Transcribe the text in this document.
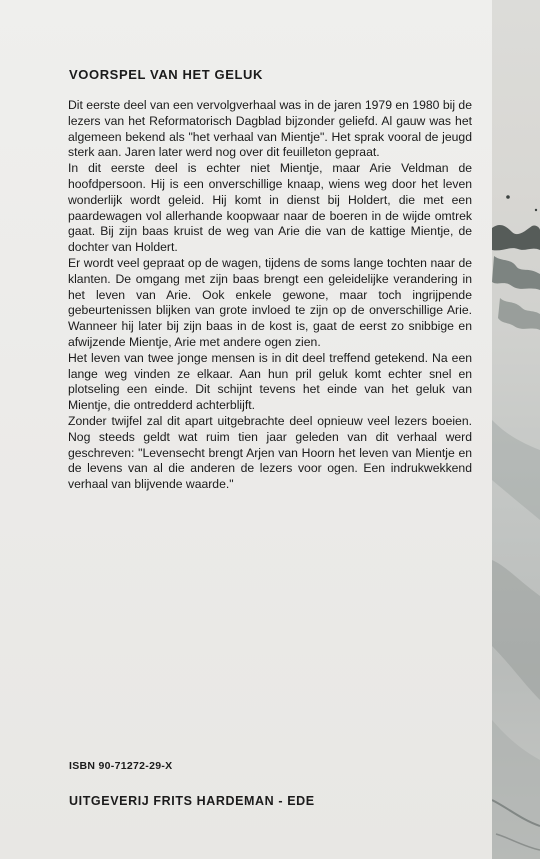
VOORSPEL VAN HET GELUK

Dit eerste deel van een vervolgverhaal was in de jaren 1979 en 1980 bij de lezers van het Reformatorisch Dagblad bijzonder geliefd. Al gauw was het algemeen bekend als "het verhaal van Mientje". Het sprak vooral de jeugd sterk aan. Jaren later werd nog over dit feuilleton gepraat.

In dit eerste deel is echter niet Mientje, maar Arie Veldman de hoofdpersoon. Hij is een onverschillige knaap, wiens weg door het leven wonderlijk wordt geleid. Hij komt in dienst bij Holdert, die met een paardewagen vol allerhande koopwaar naar de boeren in de wijde omtrek gaat. Bij zijn baas kruist de weg van Arie die van de kattige Mientje, de dochter van Holdert.

Er wordt veel gepraat op de wagen, tijdens de soms lange tochten naar de klanten. De omgang met zijn baas brengt een geleidelijke verandering in het leven van Arie. Ook enkele gewone, maar toch ingrijpende gebeurtenissen blijken van grote invloed te zijn op de onverschillige Arie. Wanneer hij later bij zijn baas in de kost is, gaat de eerst zo snibbige en afwijzende Mientje, Arie met andere ogen zien.

Het leven van twee jonge mensen is in dit deel treffend getekend. Na een lange weg vinden ze elkaar. Aan hun pril geluk komt echter snel en plotseling een einde. Dit schijnt tevens het einde van het geluk van Mientje, die ontredderd achterblijft.

Zonder twijfel zal dit apart uitgebrachte deel opnieuw veel lezers boeien. Nog steeds geldt wat ruim tien jaar geleden van dit verhaal werd geschreven: "Levensecht brengt Arjen van Hoorn het leven van Mientje en de levens van al die anderen de lezers voor ogen. Een indrukwekkend verhaal van blijvende waarde."

ISBN 90-71272-29-X

UITGEVERIJ FRITS HARDEMAN - EDE
